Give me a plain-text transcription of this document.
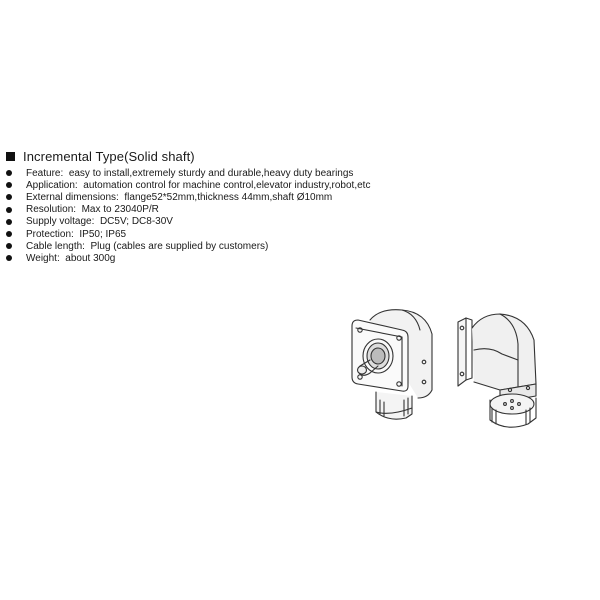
Incremental Type(Solid shaft)
Feature: easy to install,extremely sturdy and durable,heavy duty bearings
Application: automation control for machine control,elevator industry,robot,etc
External dimensions: flange52*52mm,thickness 44mm,shaft Ø10mm
Resolution: Max to 23040P/R
Supply voltage: DC5V; DC8-30V
Protection: IP50; IP65
Cable length: Plug (cables are supplied by customers)
Weight: about 300g
